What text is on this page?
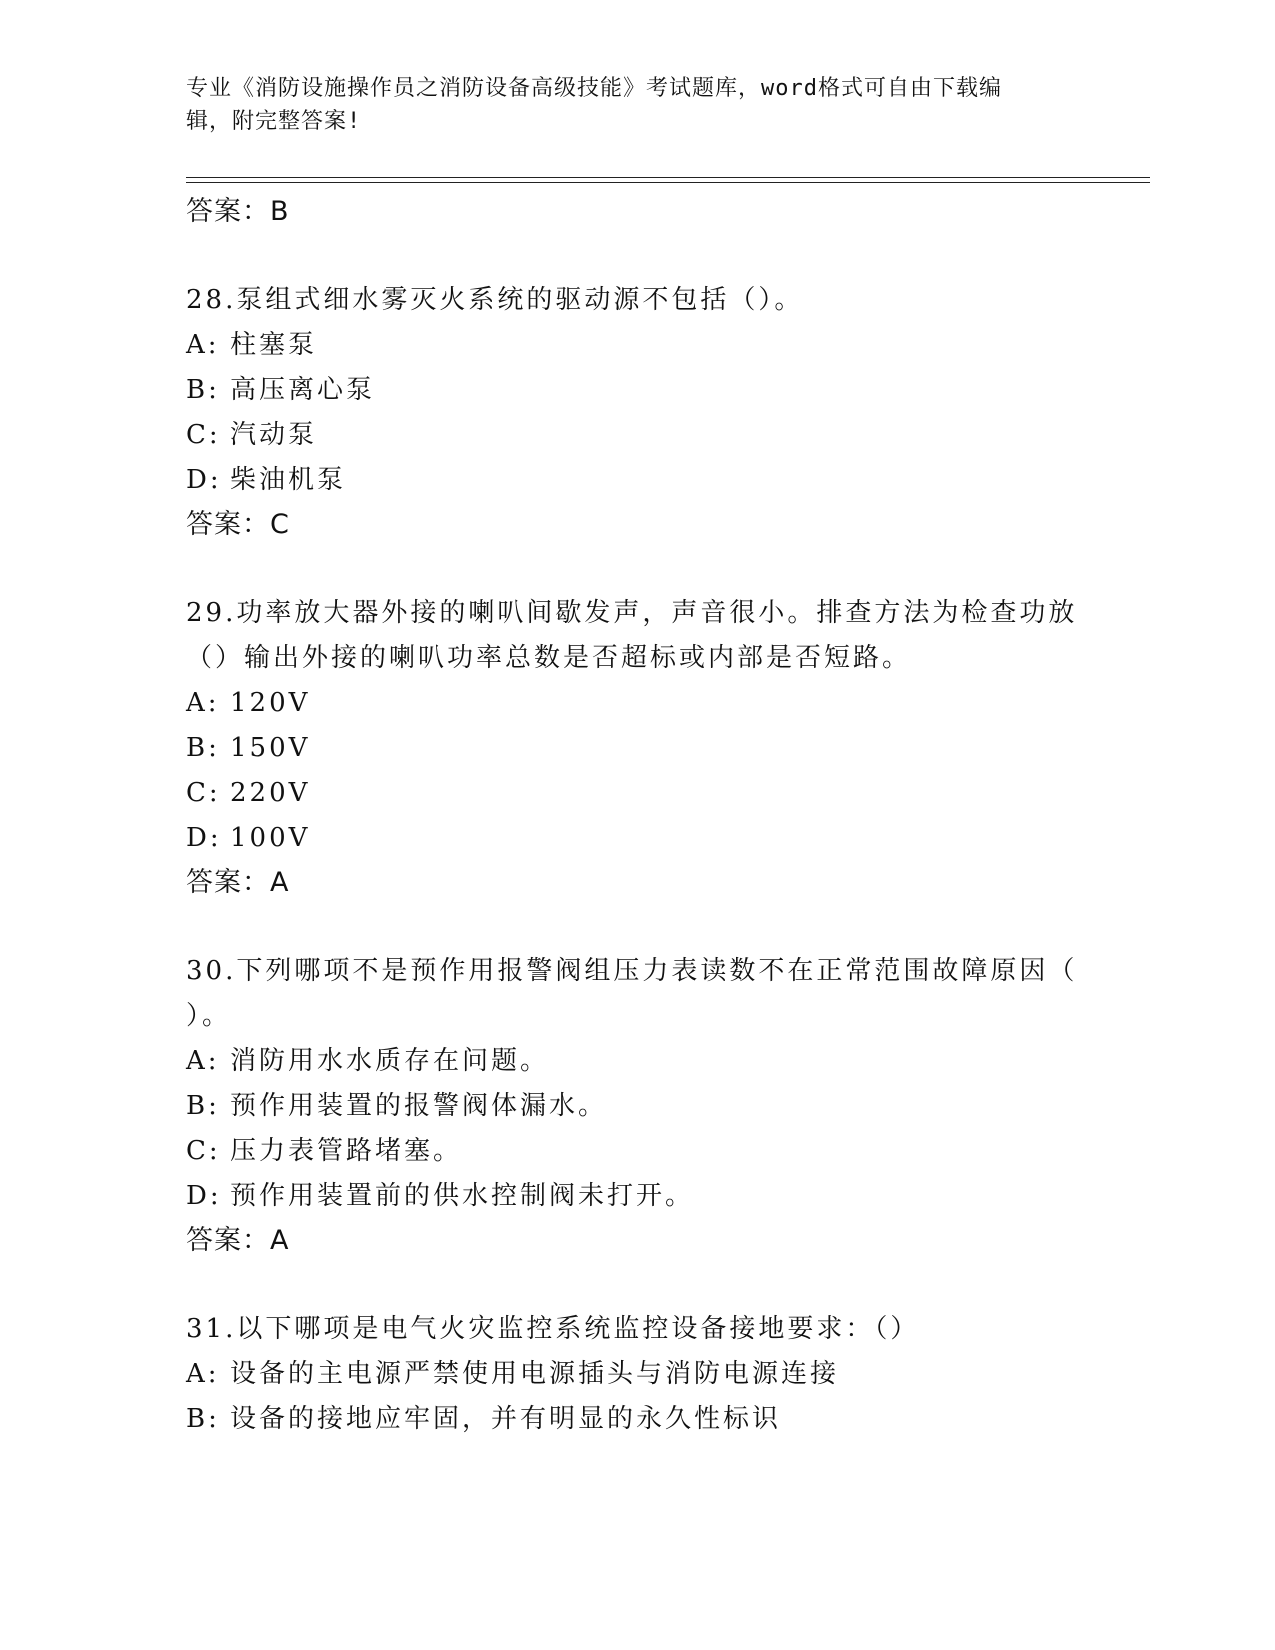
专业《消防设施操作员之消防设备高级技能》考试题库，word格式可自由下载编
辑，附完整答案!
答案：B
28.泵组式细水雾灭火系统的驱动源不包括（）。
A: 柱塞泵
B: 高压离心泵
C: 汽动泵
D: 柴油机泵
答案：C
29.功率放大器外接的喇叭间歇发声，声音很小。排查方法为检查功放
（）输出外接的喇叭功率总数是否超标或内部是否短路。
A: 120V
B: 150V
C: 220V
D: 100V
答案：A
30.下列哪项不是预作用报警阀组压力表读数不在正常范围故障原因（
）。
A: 消防用水水质存在问题。
B: 预作用装置的报警阀体漏水。
C: 压力表管路堵塞。
D: 预作用装置前的供水控制阀未打开。
答案：A
31.以下哪项是电气火灾监控系统监控设备接地要求：（）
A: 设备的主电源严禁使用电源插头与消防电源连接
B: 设备的接地应牢固，并有明显的永久性标识
